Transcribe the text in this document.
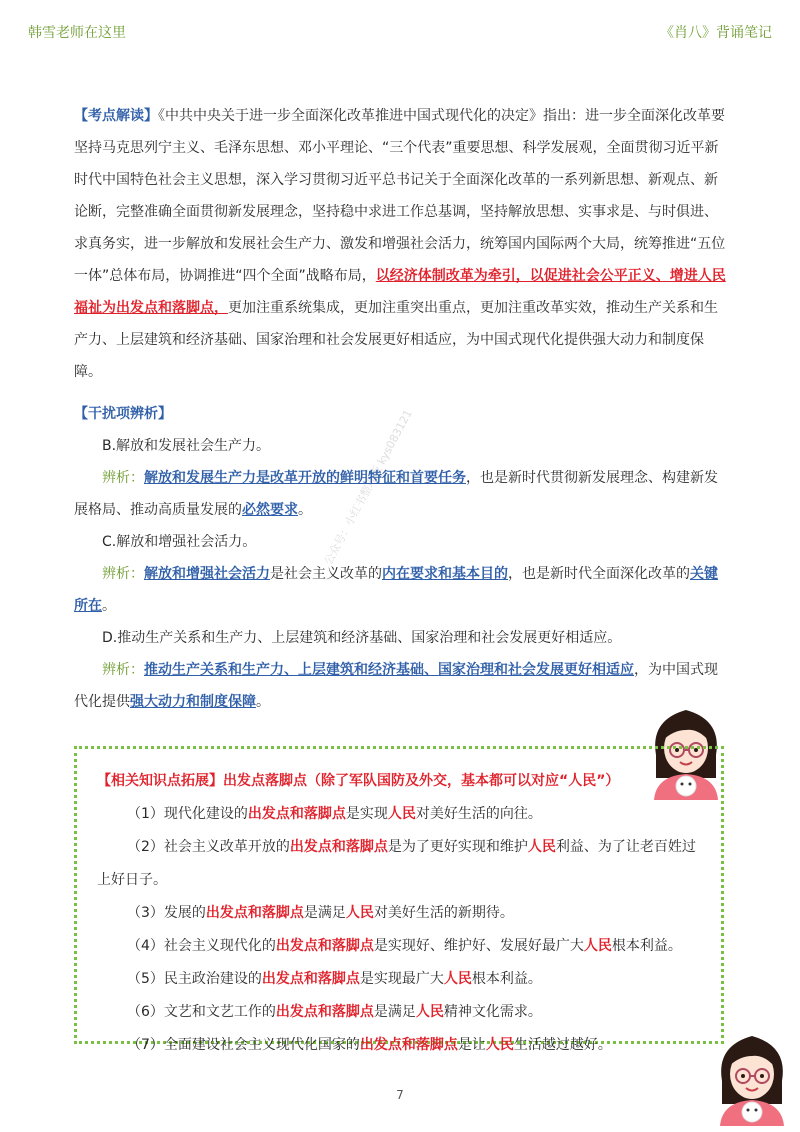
韩雪老师在这里	《肖八》背诵笔记
公众号：小红书整理版 kys083121

【考点解读】《中共中央关于进一步全面深化改革推进中国式现代化的决定》指出：进一步全面深化改革要坚持马克思列宁主义、毛泽东思想、邓小平理论、“三个代表”重要思想、科学发展观，全面贯彻习近平新时代中国特色社会主义思想，深入学习贯彻习近平总书记关于全面深化改革的一系列新思想、新观点、新论断，完整准确全面贯彻新发展理念，坚持稳中求进工作总基调，坚持解放思想、实事求是、与时俱进、求真务实，进一步解放和发展社会生产力、激发和增强社会活力，统筹国内国际两个大局，统筹推进“五位一体”总体布局，协调推进“四个全面”战略布局，以经济体制改革为牵引，以促进社会公平正义、增进人民福祉为出发点和落脚点，更加注重系统集成，更加注重突出重点，更加注重改革实效，推动生产关系和生产力、上层建筑和经济基础、国家治理和社会发展更好相适应，为中国式现代化提供强大动力和制度保障。

【干扰项辨析】
B.解放和发展社会生产力。
辨析：解放和发展生产力是改革开放的鲜明特征和首要任务，也是新时代贯彻新发展理念、构建新发展格局、推动高质量发展的必然要求。
C.解放和增强社会活力。
辨析：解放和增强社会活力是社会主义改革的内在要求和基本目的，也是新时代全面深化改革的关键所在。
D.推动生产关系和生产力、上层建筑和经济基础、国家治理和社会发展更好相适应。
辨析：推动生产关系和生产力、上层建筑和经济基础、国家治理和社会发展更好相适应，为中国式现代化提供强大动力和制度保障。
【相关知识点拓展】出发点落脚点（除了军队国防及外交，基本都可以对应“人民”）
（1）现代化建设的出发点和落脚点是实现人民对美好生活的向往。
（2）社会主义改革开放的出发点和落脚点是为了更好实现和维护人民利益、为了让老百姓过上好日子。
（3）发展的出发点和落脚点是满足人民对美好生活的新期待。
（4）社会主义现代化的出发点和落脚点是实现好、维护好、发展好最广大人民根本利益。
（5）民主政治建设的出发点和落脚点是实现最广大人民根本利益。
（6）文艺和文艺工作的出发点和落脚点是满足人民精神文化需求。
（7）全面建设社会主义现代化国家的出发点和落脚点是让人民生活越过越好。
7
